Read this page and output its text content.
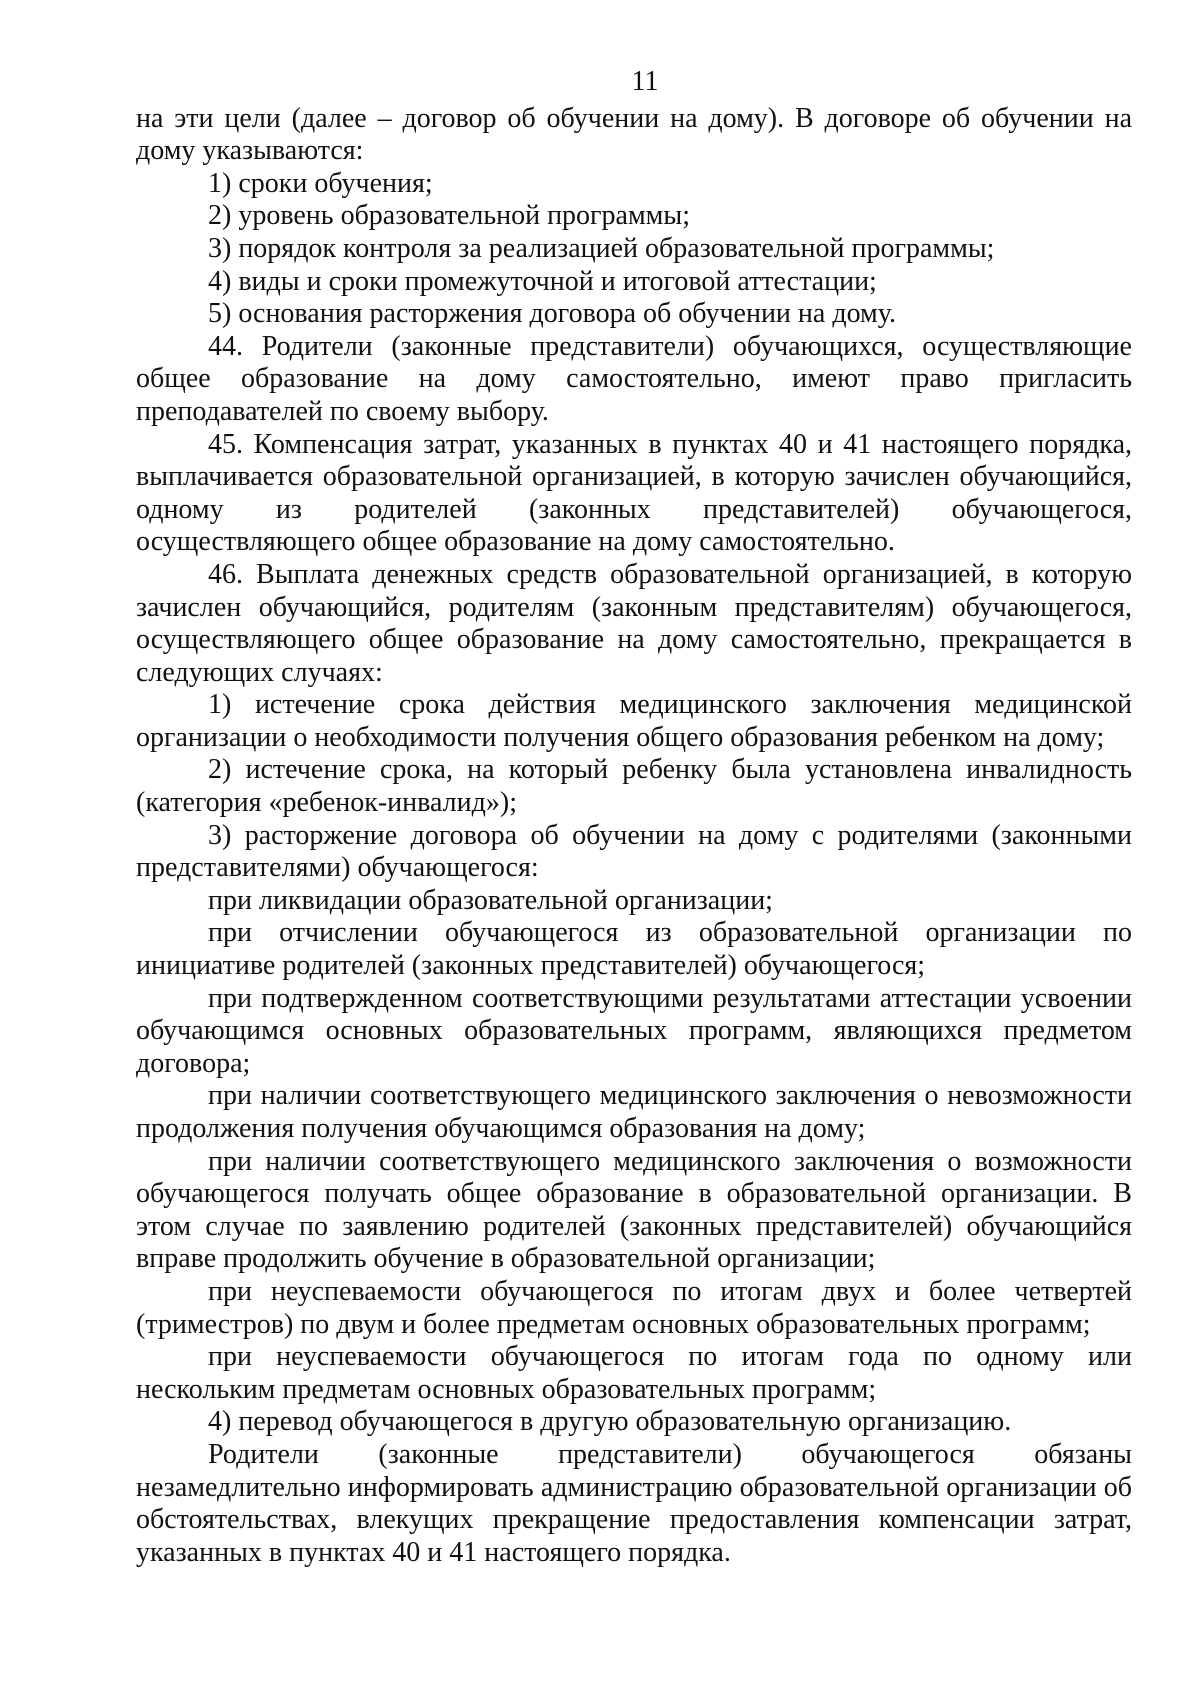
11

на эти цели (далее – договор об обучении на дому). В договоре об обучении на дому указываются:

1) сроки обучения;

2) уровень образовательной программы;

3) порядок контроля за реализацией образовательной программы;

4) виды и сроки промежуточной и итоговой аттестации;

5) основания расторжения договора об обучении на дому.

44. Родители (законные представители) обучающихся, осуществляющие общее образование на дому самостоятельно, имеют право пригласить преподавателей по своему выбору.

45. Компенсация затрат, указанных в пунктах 40 и 41 настоящего порядка, выплачивается образовательной организацией, в которую зачислен обучающийся, одному из родителей (законных представителей) обучающегося, осуществляющего общее образование на дому самостоятельно.

46. Выплата денежных средств образовательной организацией, в которую зачислен обучающийся, родителям (законным представителям) обучающегося, осуществляющего общее образование на дому самостоятельно, прекращается в следующих случаях:

1) истечение срока действия медицинского заключения медицинской организации о необходимости получения общего образования ребенком на дому;

2) истечение срока, на который ребенку была установлена инвалидность (категория «ребенок-инвалид»);

3) расторжение договора об обучении на дому с родителями (законными представителями) обучающегося:

при ликвидации образовательной организации;

при отчислении обучающегося из образовательной организации по инициативе родителей (законных представителей) обучающегося;

при подтвержденном соответствующими результатами аттестации усвоении обучающимся основных образовательных программ, являющихся предметом договора;

при наличии соответствующего медицинского заключения о невозможности продолжения получения обучающимся образования на дому;

при наличии соответствующего медицинского заключения о возможности обучающегося получать общее образование в образовательной организации. В этом случае по заявлению родителей (законных представителей) обучающийся вправе продолжить обучение в образовательной организации;

при неуспеваемости обучающегося по итогам двух и более четвертей (триместров) по двум и более предметам основных образовательных программ;

при неуспеваемости обучающегося по итогам года по одному или нескольким предметам основных образовательных программ;

4) перевод обучающегося в другую образовательную организацию.

Родители (законные представители) обучающегося обязаны незамедлительно информировать администрацию образовательной организации об обстоятельствах, влекущих прекращение предоставления компенсации затрат, указанных в пунктах 40 и 41 настоящего порядка.
